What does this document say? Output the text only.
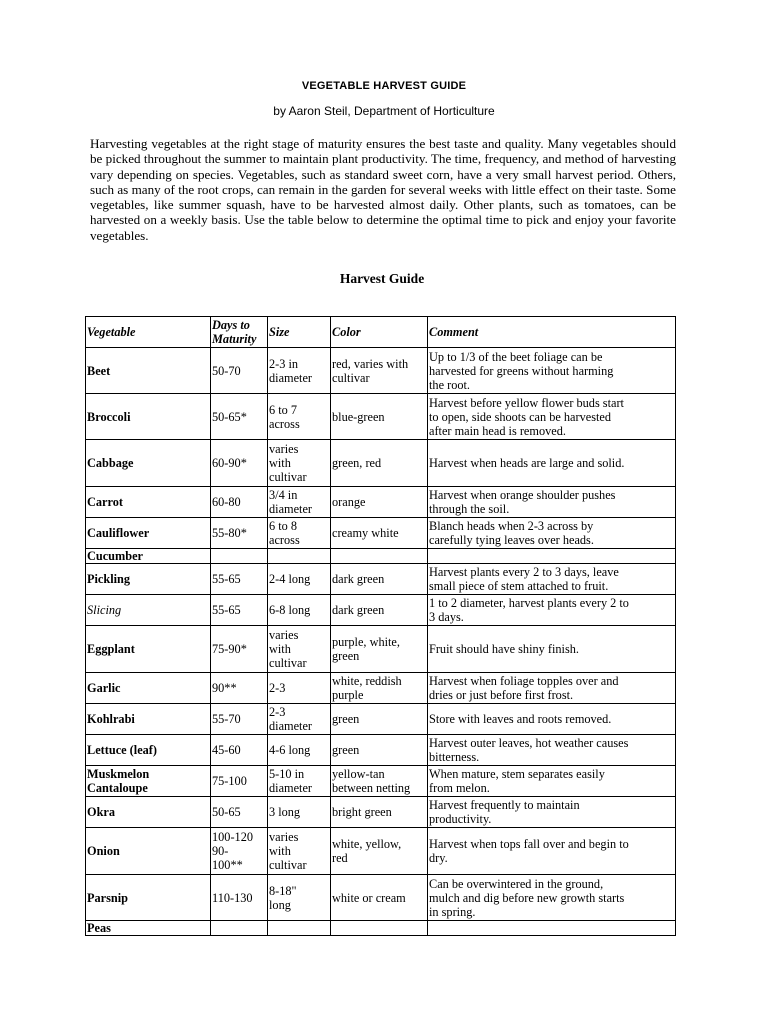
VEGETABLE HARVEST GUIDE
by Aaron Steil, Department of Horticulture

Harvesting vegetables at the right stage of maturity ensures the best taste and quality. Many vegetables should be picked throughout the summer to maintain plant productivity. The time, frequency, and method of harvesting vary depending on species. Vegetables, such as standard sweet corn, have a very small harvest period. Others, such as many of the root crops, can remain in the garden for several weeks with little effect on their taste. Some vegetables, like summer squash, have to be harvested almost daily. Other plants, such as tomatoes, can be harvested on a weekly basis. Use the table below to determine the optimal time to pick and enjoy your favorite vegetables.

Harvest Guide
Vegetable	Days to
Maturity	Size	Color	Comment

Beet	50-70	2-3 in
diameter	red, varies with
cultivar	Up to 1/3 of the beet foliage can be
harvested for greens without harming
the root.

Broccoli	50-65*	6 to 7
across	blue-green	Harvest before yellow flower buds start
to open, side shoots can be harvested
after main head is removed.

Cabbage	60-90*	varies
with
cultivar	green, red	Harvest when heads are large and solid.

Carrot	60-80	3/4 in
diameter	orange	Harvest when orange shoulder pushes
through the soil.

Cauliflower	55-80*	6 to 8
across	creamy white	Blanch heads when 2-3 across by
carefully tying leaves over heads.

Cucumber				

Pickling	55-65	2-4 long	dark green	Harvest plants every 2 to 3 days, leave
small piece of stem attached to fruit.

Slicing	55-65	6-8 long	dark green	1 to 2 diameter, harvest plants every 2 to
3 days.

Eggplant	75-90*	varies
with
cultivar	purple, white,
green	Fruit should have shiny finish.

Garlic	90**	2-3	white, reddish
purple	Harvest when foliage topples over and
dries or just before first frost.

Kohlrabi	55-70	2-3
diameter	green	Store with leaves and roots removed.

Lettuce (leaf)	45-60	4-6 long	green	Harvest outer leaves, hot weather causes
bitterness.

Muskmelon
Cantaloupe	75-100	5-10 in
diameter	yellow-tan
between netting	When mature, stem separates easily
from melon.

Okra	50-65	3 long	bright green	Harvest frequently to maintain
productivity.

Onion	100-120
90-
100**	varies
with
cultivar	white, yellow,
red	Harvest when tops fall over and begin to
dry.

Parsnip	110-130	8-18"
long	white or cream	Can be overwintered in the ground,
mulch and dig before new growth starts
in spring.

Peas				
